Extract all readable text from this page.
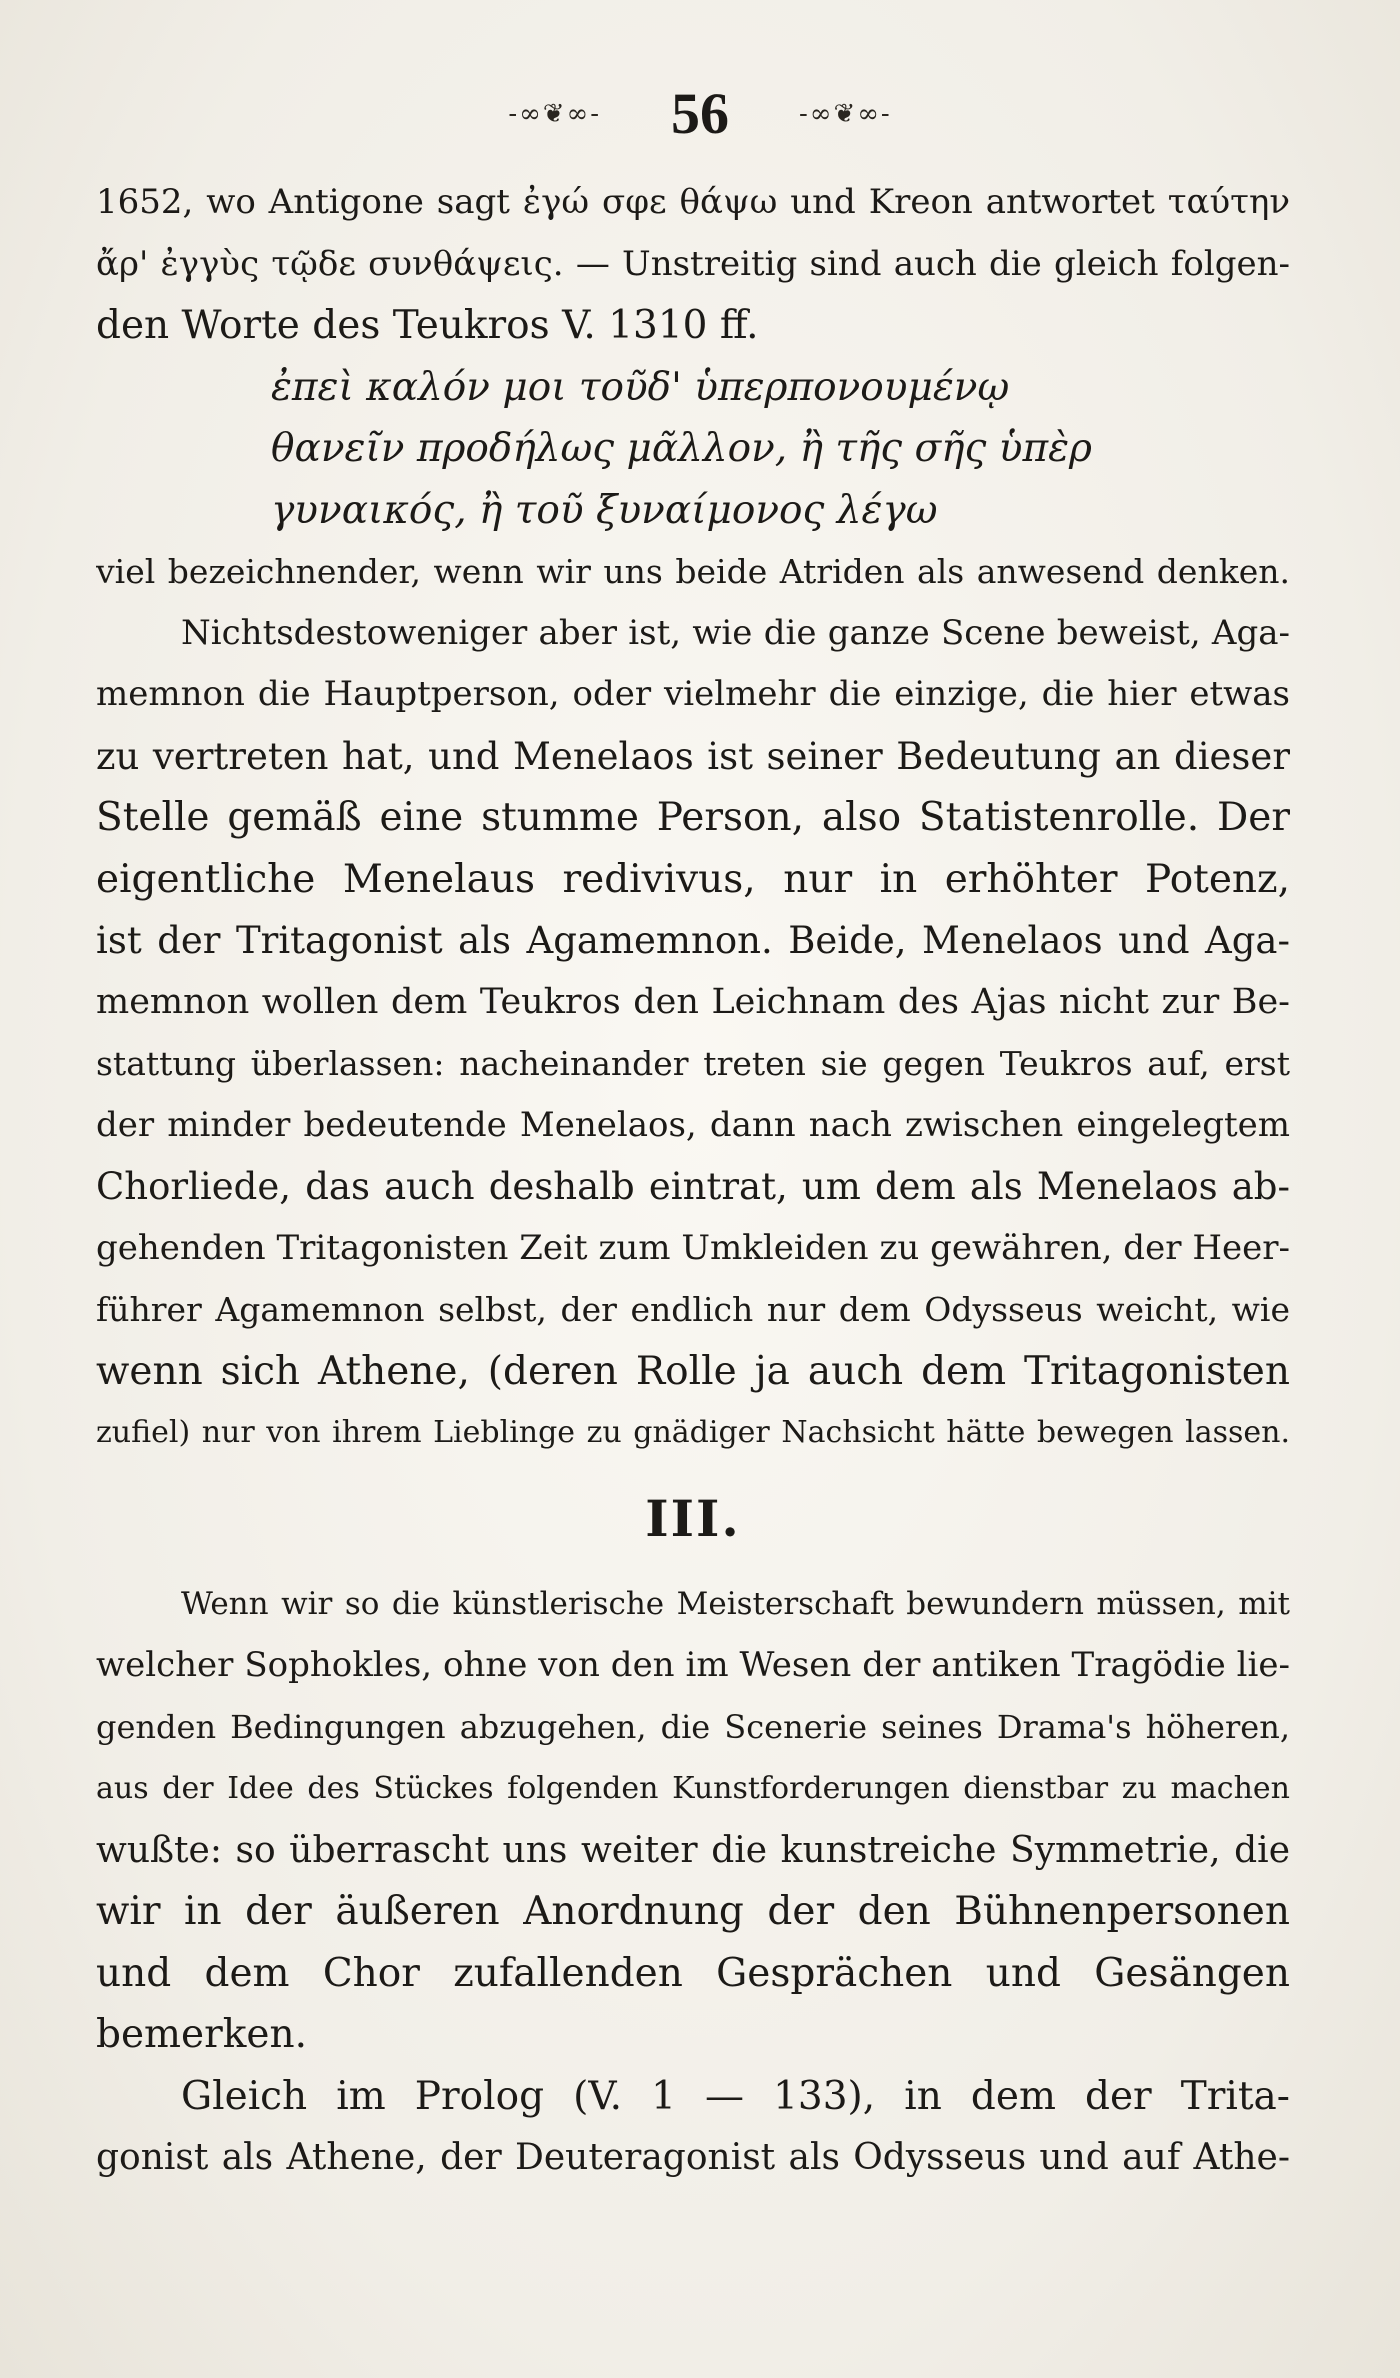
-∞❦∞- 56	-∞❦∞-
1652, wo Antigone sagt ἐγώ σφε θάψω und Kreon antwortet ταύτην
ἄρ' ἐγγὺς τῷδε συνθάψεις. — Unstreitig sind auch die gleich folgen-
den Worte des Teukros V. 1310 ff.
ἐπεὶ καλόν μοι τοῦδ' ὑπερπονουμένῳ
θανεῖν προδήλως μᾶλλον, ἢ τῆς σῆς ὑπὲρ
γυναικός, ἢ τοῦ ξυναίμονος λέγω
viel bezeichnender, wenn wir uns beide Atriden als anwesend denken.
Nichtsdestoweniger aber ist, wie die ganze Scene beweist, Aga-
memnon die Hauptperson, oder vielmehr die einzige, die hier etwas
zu vertreten hat, und Menelaos ist seiner Bedeutung an dieser
Stelle gemäß eine stumme Person, also Statistenrolle. Der
eigentliche Menelaus redivivus, nur in erhöhter Potenz,
ist der Tritagonist als Agamemnon. Beide, Menelaos und Aga-
memnon wollen dem Teukros den Leichnam des Ajas nicht zur Be-
stattung überlassen: nacheinander treten sie gegen Teukros auf, erst
der minder bedeutende Menelaos, dann nach zwischen eingelegtem
Chorliede, das auch deshalb eintrat, um dem als Menelaos ab-
gehenden Tritagonisten Zeit zum Umkleiden zu gewähren, der Heer-
führer Agamemnon selbst, der endlich nur dem Odysseus weicht, wie
wenn sich Athene, (deren Rolle ja auch dem Tritagonisten
zufiel) nur von ihrem Lieblinge zu gnädiger Nachsicht hätte bewegen lassen.
III.
Wenn wir so die künstlerische Meisterschaft bewundern müssen, mit
welcher Sophokles, ohne von den im Wesen der antiken Tragödie lie-
genden Bedingungen abzugehen, die Scenerie seines Drama's höheren,
aus der Idee des Stückes folgenden Kunstforderungen dienstbar zu machen
wußte: so überrascht uns weiter die kunstreiche Symmetrie, die
wir in der äußeren Anordnung der den Bühnenpersonen
und dem Chor zufallenden Gesprächen und Gesängen
bemerken.
Gleich im Prolog (V. 1 — 133), in dem der Trita-
gonist als Athene, der Deuteragonist als Odysseus und auf Athe-
